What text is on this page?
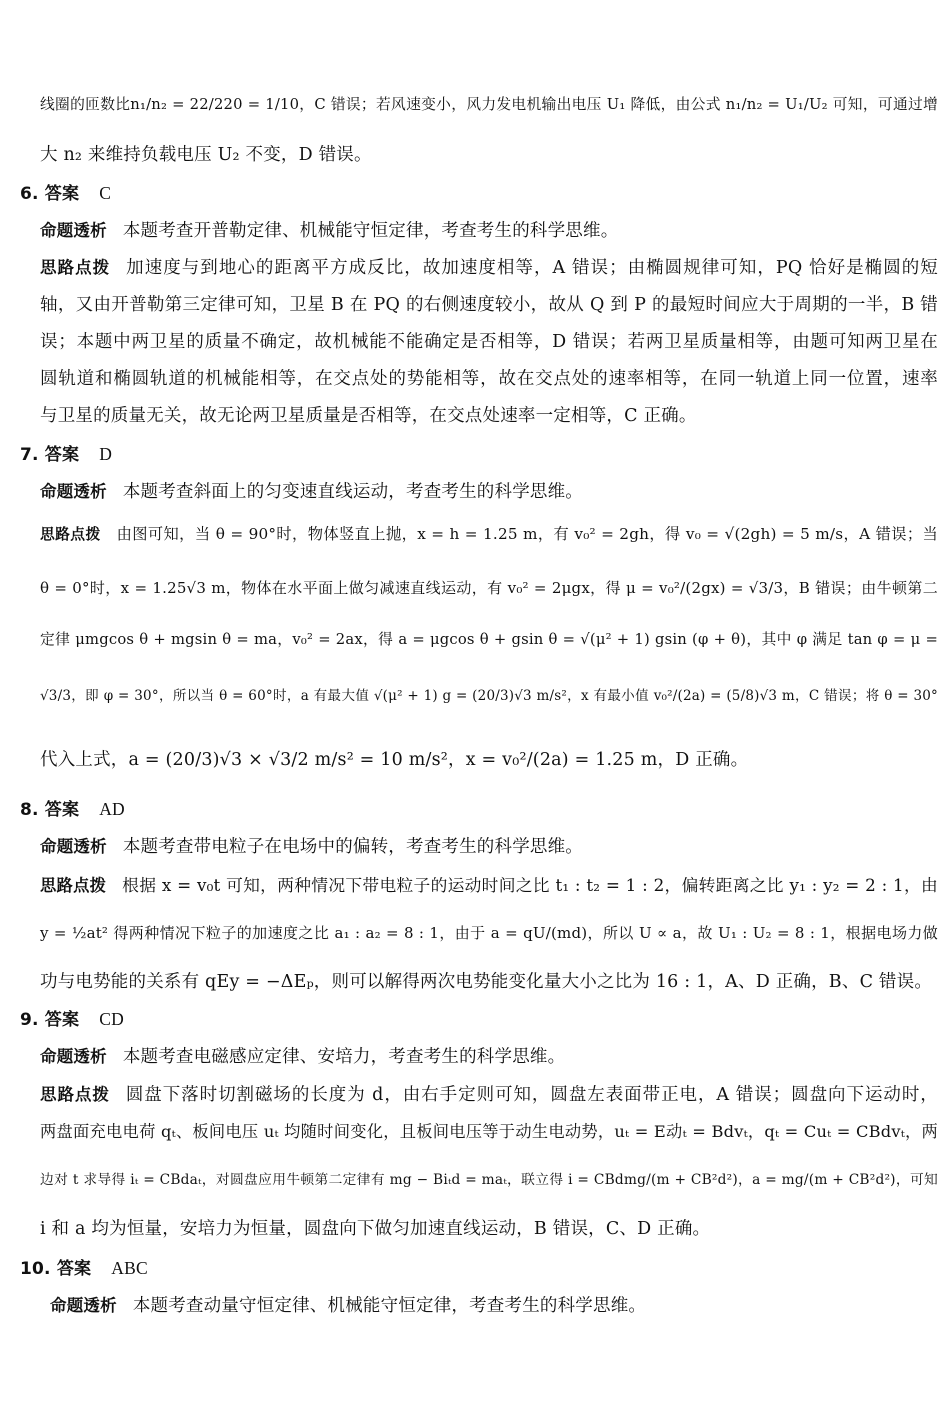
线圈的匝数比n₁/n₂ = 22/220 = 1/10，C 错误；若风速变小，风力发电机输出电压 U₁ 降低，由公式 n₁/n₂ = U₁/U₂ 可知，可通过增
大 n₂ 来维持负载电压 U₂ 不变，D 错误。
6. 答案 C
命题透析 本题考查开普勒定律、机械能守恒定律，考查考生的科学思维。
思路点拨 加速度与到地心的距离平方成反比，故加速度相等，A 错误；由椭圆规律可知，PQ 恰好是椭圆的短
轴，又由开普勒第三定律可知，卫星 B 在 PQ 的右侧速度较小，故从 Q 到 P 的最短时间应大于周期的一半，B 错
误；本题中两卫星的质量不确定，故机械能不能确定是否相等，D 错误；若两卫星质量相等，由题可知两卫星在
圆轨道和椭圆轨道的机械能相等，在交点处的势能相等，故在交点处的速率相等，在同一轨道上同一位置，速率
与卫星的质量无关，故无论两卫星质量是否相等，在交点处速率一定相等，C 正确。
7. 答案 D
命题透析 本题考查斜面上的匀变速直线运动，考查考生的科学思维。
思路点拨 由图可知，当 θ = 90°时，物体竖直上抛，x = h = 1.25 m，有 v₀² = 2gh，得 v₀ = √(2gh) = 5 m/s，A 错误；当
θ = 0°时，x = 1.25√3 m，物体在水平面上做匀减速直线运动，有 v₀² = 2μgx，得 μ = v₀²/(2gx) = √3/3，B 错误；由牛顿第二
定律 μmgcos θ + mgsin θ = ma，v₀² = 2ax，得 a = μgcos θ + gsin θ = √(μ² + 1) gsin (φ + θ)，其中 φ 满足 tan φ = μ =
√3/3，即 φ = 30°，所以当 θ = 60°时，a 有最大值 √(μ² + 1) g = (20/3)√3 m/s²，x 有最小值 v₀²/(2a) = (5/8)√3 m，C 错误；将 θ = 30°
代入上式，a = (20/3)√3 × √3/2 m/s² = 10 m/s²，x = v₀²/(2a) = 1.25 m，D 正确。
8. 答案 AD
命题透析 本题考查带电粒子在电场中的偏转，考查考生的科学思维。
思路点拨 根据 x = v₀t 可知，两种情况下带电粒子的运动时间之比 t₁ : t₂ = 1 : 2，偏转距离之比 y₁ : y₂ = 2 : 1，由
y = ½at² 得两种情况下粒子的加速度之比 a₁ : a₂ = 8 : 1，由于 a = qU/(md)，所以 U ∝ a，故 U₁ : U₂ = 8 : 1，根据电场力做
功与电势能的关系有 qEy = −ΔEₚ，则可以解得两次电势能变化量大小之比为 16 : 1，A、D 正确，B、C 错误。
9. 答案 CD
命题透析 本题考查电磁感应定律、安培力，考查考生的科学思维。
思路点拨 圆盘下落时切割磁场的长度为 d，由右手定则可知，圆盘左表面带正电，A 错误；圆盘向下运动时，
两盘面充电电荷 qₜ、板间电压 uₜ 均随时间变化，且板间电压等于动生电动势，uₜ = E动ₜ = Bdvₜ，qₜ = Cuₜ = CBdvₜ，两
边对 t 求导得 iₜ = CBdaₜ，对圆盘应用牛顿第二定律有 mg − Biₜd = maₜ，联立得 i = CBdmg/(m + CB²d²)，a = mg/(m + CB²d²)，可知
i 和 a 均为恒量，安培力为恒量，圆盘向下做匀加速直线运动，B 错误，C、D 正确。
10. 答案 ABC
命题透析 本题考查动量守恒定律、机械能守恒定律，考查考生的科学思维。
